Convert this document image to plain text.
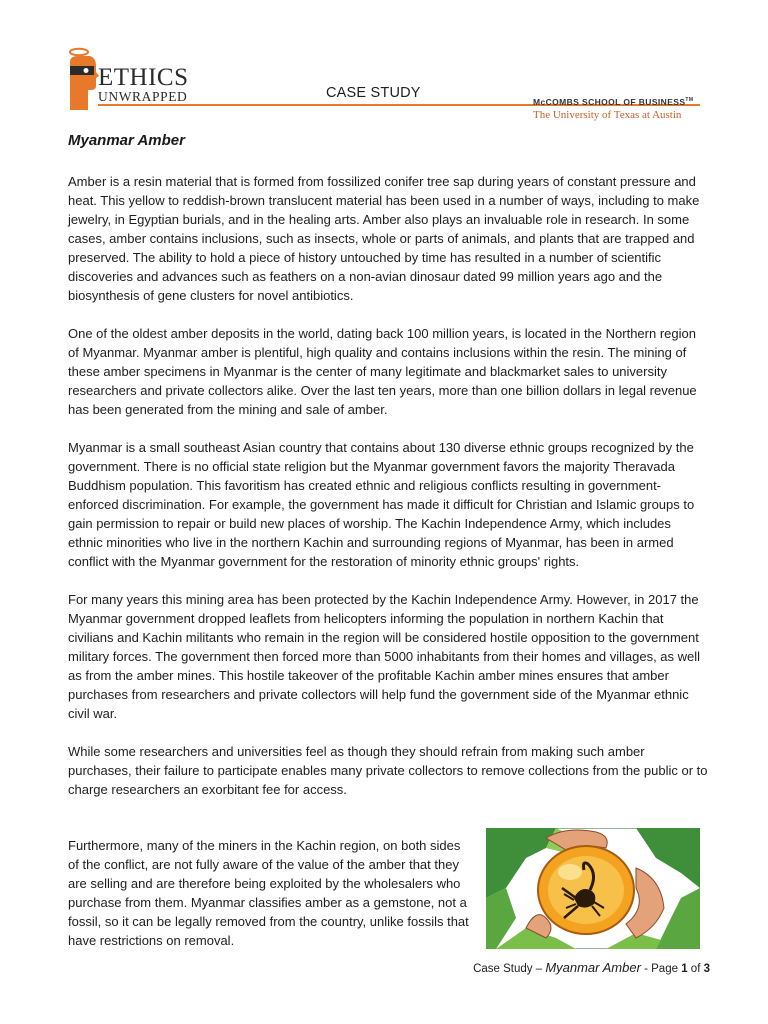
ETHICS
UNWRAPPED	CASE STUDY
McCOMBS SCHOOL OF BUSINESS™
The University of Texas at Austin
Myanmar Amber

Amber is a resin material that is formed from fossilized conifer tree sap during years of constant pressure and heat. This yellow to reddish-brown translucent material has been used in a number of ways, including to make jewelry, in Egyptian burials, and in the healing arts. Amber also plays an invaluable role in research. In some cases, amber contains inclusions, such as insects, whole or parts of animals, and plants that are trapped and preserved. The ability to hold a piece of history untouched by time has resulted in a number of scientific discoveries and advances such as feathers on a non-avian dinosaur dated 99 million years ago and the biosynthesis of gene clusters for novel antibiotics.

One of the oldest amber deposits in the world, dating back 100 million years, is located in the Northern region of Myanmar. Myanmar amber is plentiful, high quality and contains inclusions within the resin. The mining of these amber specimens in Myanmar is the center of many legitimate and blackmarket sales to university researchers and private collectors alike. Over the last ten years, more than one billion dollars in legal revenue has been generated from the mining and sale of amber.

Myanmar is a small southeast Asian country that contains about 130 diverse ethnic groups recognized by the government. There is no official state religion but the Myanmar government favors the majority Theravada Buddhism population. This favoritism has created ethnic and religious conflicts resulting in government-enforced discrimination. For example, the government has made it difficult for Christian and Islamic groups to gain permission to repair or build new places of worship. The Kachin Independence Army, which includes ethnic minorities who live in the northern Kachin and surrounding regions of Myanmar, has been in armed conflict with the Myanmar government for the restoration of minority ethnic groups' rights.

For many years this mining area has been protected by the Kachin Independence Army. However, in 2017 the Myanmar government dropped leaflets from helicopters informing the population in northern Kachin that civilians and Kachin militants who remain in the region will be considered hostile opposition to the government military forces. The government then forced more than 5000 inhabitants from their homes and villages, as well as from the amber mines. This hostile takeover of the profitable Kachin amber mines ensures that amber purchases from researchers and private collectors will help fund the government side of the Myanmar ethnic civil war.

While some researchers and universities feel as though they should refrain from making such amber purchases, their failure to participate enables many private collectors to remove collections from the public or to charge researchers an exorbitant fee for access.

Furthermore, many of the miners in the Kachin region, on both sides of the conflict, are not fully aware of the value of the amber that they are selling and are therefore being exploited by the wholesalers who purchase from them. Myanmar classifies amber as a gemstone, not a fossil, so it can be legally removed from the country, unlike fossils that have restrictions on removal.

Case Study – Myanmar Amber - Page 1 of 3
